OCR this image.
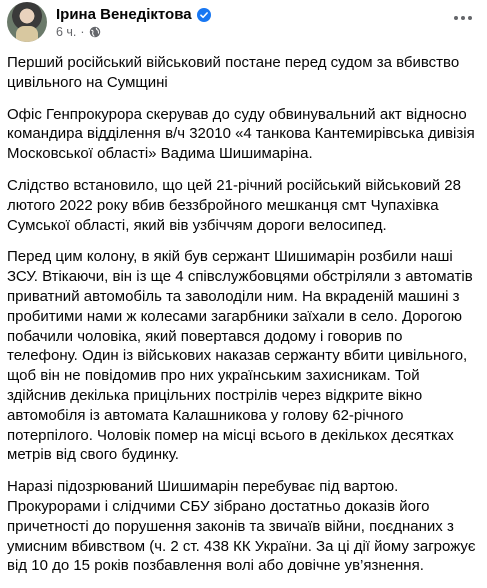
Ірина Венедіктова
6 ч. ·

Перший російський військовий постане перед судом за вбивство цивільного на Сумщині

Офіс Генпрокурора скерував до суду обвинувальний акт відносно командира відділення в/ч 32010 «4 танкова Кантемирівська дивізія Московської області» Вадима Шишимаріна.

Слідство встановило, що цей 21-річний російський військовий 28 лютого 2022 року вбив беззбройного мешканця смт Чупахівка Сумської області, який вів узбіччям дороги велосипед.

Перед цим колону, в якій був сержант Шишимарін розбили наші ЗСУ. Втікаючи, він із ще 4 співслужбовцями обстріляли з автоматів приватний автомобіль та заволоділи ним. На вкраденій машині з пробитими нами ж колесами загарбники заїхали в село. Дорогою побачили чоловіка, який повертався додому і говорив по телефону. Один із військових наказав сержанту вбити цивільного, щоб він не повідомив про них українським захисникам. Той здійснив декілька прицільних пострілів через відкрите вікно автомобіля із автомата Калашникова у голову 62-річного потерпілого. Чоловік помер на місці всього в декількох десятках метрів від свого будинку.

Наразі підозрюваний Шишимарін перебуває під вартою. Прокурорами і слідчими СБУ зібрано достатньо доказів його причетності до порушення законів та звичаїв війни, поєднаних з умисним вбивством (ч. 2 ст. 438 КК України. За ці дії йому загрожує від 10 до 15 років позбавлення волі або довічне ув’язнення.
